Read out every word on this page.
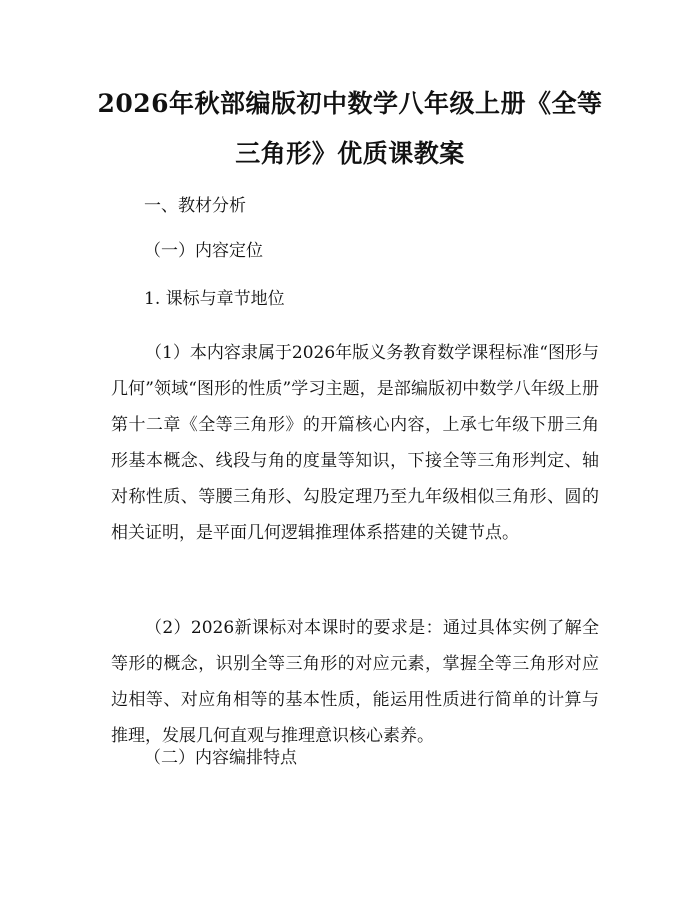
2026年秋部编版初中数学八年级上册《全等
三角形》优质课教案

一、教材分析

（一）内容定位

1. 课标与章节地位

（1）本内容隶属于2026年版义务教育数学课程标准“图形与几何”领域“图形的性质”学习主题，是部编版初中数学八年级上册第十二章《全等三角形》的开篇核心内容，上承七年级下册三角形基本概念、线段与角的度量等知识，下接全等三角形判定、轴对称性质、等腰三角形、勾股定理乃至九年级相似三角形、圆的相关证明，是平面几何逻辑推理体系搭建的关键节点。

（2）2026新课标对本课时的要求是：通过具体实例了解全等形的概念，识别全等三角形的对应元素，掌握全等三角形对应边相等、对应角相等的基本性质，能运用性质进行简单的计算与推理，发展几何直观与推理意识核心素养。

（二）内容编排特点
